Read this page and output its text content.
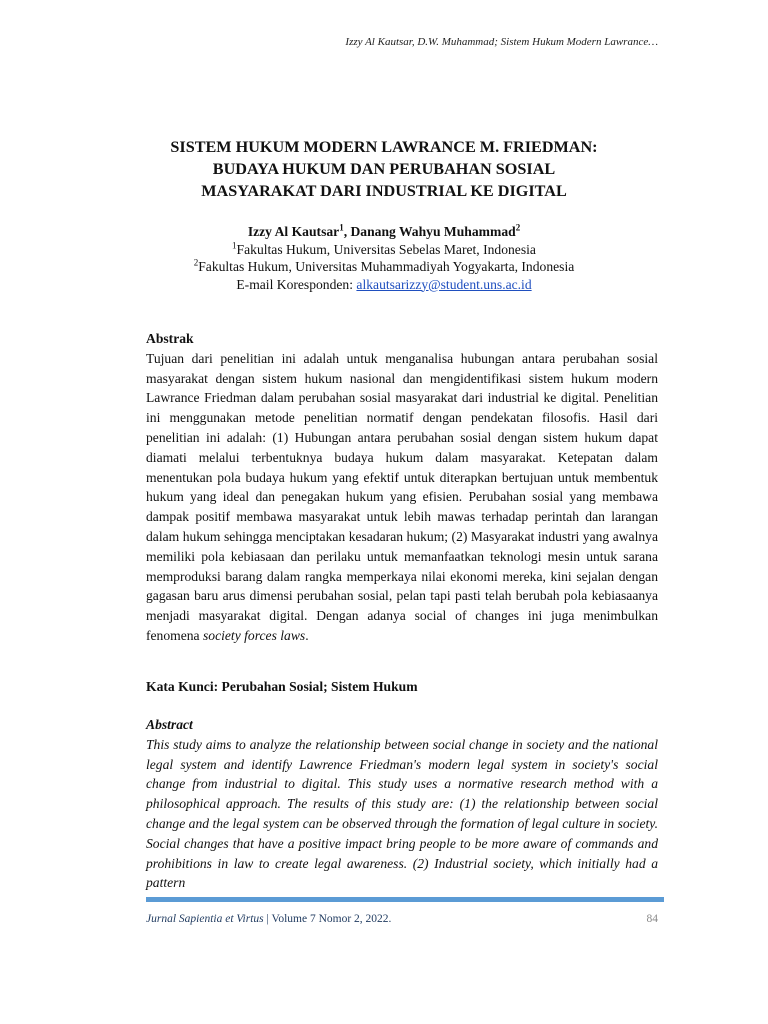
Izzy Al Kautsar, D.W. Muhammad; Sistem Hukum Modern Lawrance…
SISTEM HUKUM MODERN LAWRANCE M. FRIEDMAN:
BUDAYA HUKUM DAN PERUBAHAN SOSIAL
MASYARAKAT DARI INDUSTRIAL KE DIGITAL
Izzy Al Kautsar$^1$, Danang Wahyu Muhammad$^2$
$^1$Fakultas Hukum, Universitas Sebelas Maret, Indonesia
$^2$Fakultas Hukum, Universitas Muhammadiyah Yogyakarta, Indonesia
E-mail Koresponden: alkautsarizzy@student.uns.ac.id
Abstrak
Tujuan dari penelitian ini adalah untuk menganalisa hubungan antara perubahan sosial masyarakat dengan sistem hukum nasional dan mengidentifikasi sistem hukum modern Lawrance Friedman dalam perubahan sosial masyarakat dari industrial ke digital. Penelitian ini menggunakan metode penelitian normatif dengan pendekatan filosofis. Hasil dari penelitian ini adalah: (1) Hubungan antara perubahan sosial dengan sistem hukum dapat diamati melalui terbentuknya budaya hukum dalam masyarakat. Ketepatan dalam menentukan pola budaya hukum yang efektif untuk diterapkan bertujuan untuk membentuk hukum yang ideal dan penegakan hukum yang efisien. Perubahan sosial yang membawa dampak positif membawa masyarakat untuk lebih mawas terhadap perintah dan larangan dalam hukum sehingga menciptakan kesadaran hukum; (2) Masyarakat industri yang awalnya memiliki pola kebiasaan dan perilaku untuk memanfaatkan teknologi mesin untuk sarana memproduksi barang dalam rangka memperkaya nilai ekonomi mereka, kini sejalan dengan gagasan baru arus dimensi perubahan sosial, pelan tapi pasti telah berubah pola kebiasaanya menjadi masyarakat digital. Dengan adanya social of changes ini juga menimbulkan fenomena society forces laws.
Kata Kunci: Perubahan Sosial; Sistem Hukum
Abstract
This study aims to analyze the relationship between social change in society and the national legal system and identify Lawrence Friedman's modern legal system in society's social change from industrial to digital. This study uses a normative research method with a philosophical approach. The results of this study are: (1) the relationship between social change and the legal system can be observed through the formation of legal culture in society. Social changes that have a positive impact bring people to be more aware of commands and prohibitions in law to create legal awareness. (2) Industrial society, which initially had a pattern
Jurnal Sapientia et Virtus | Volume 7 Nomor 2, 2022.	84
